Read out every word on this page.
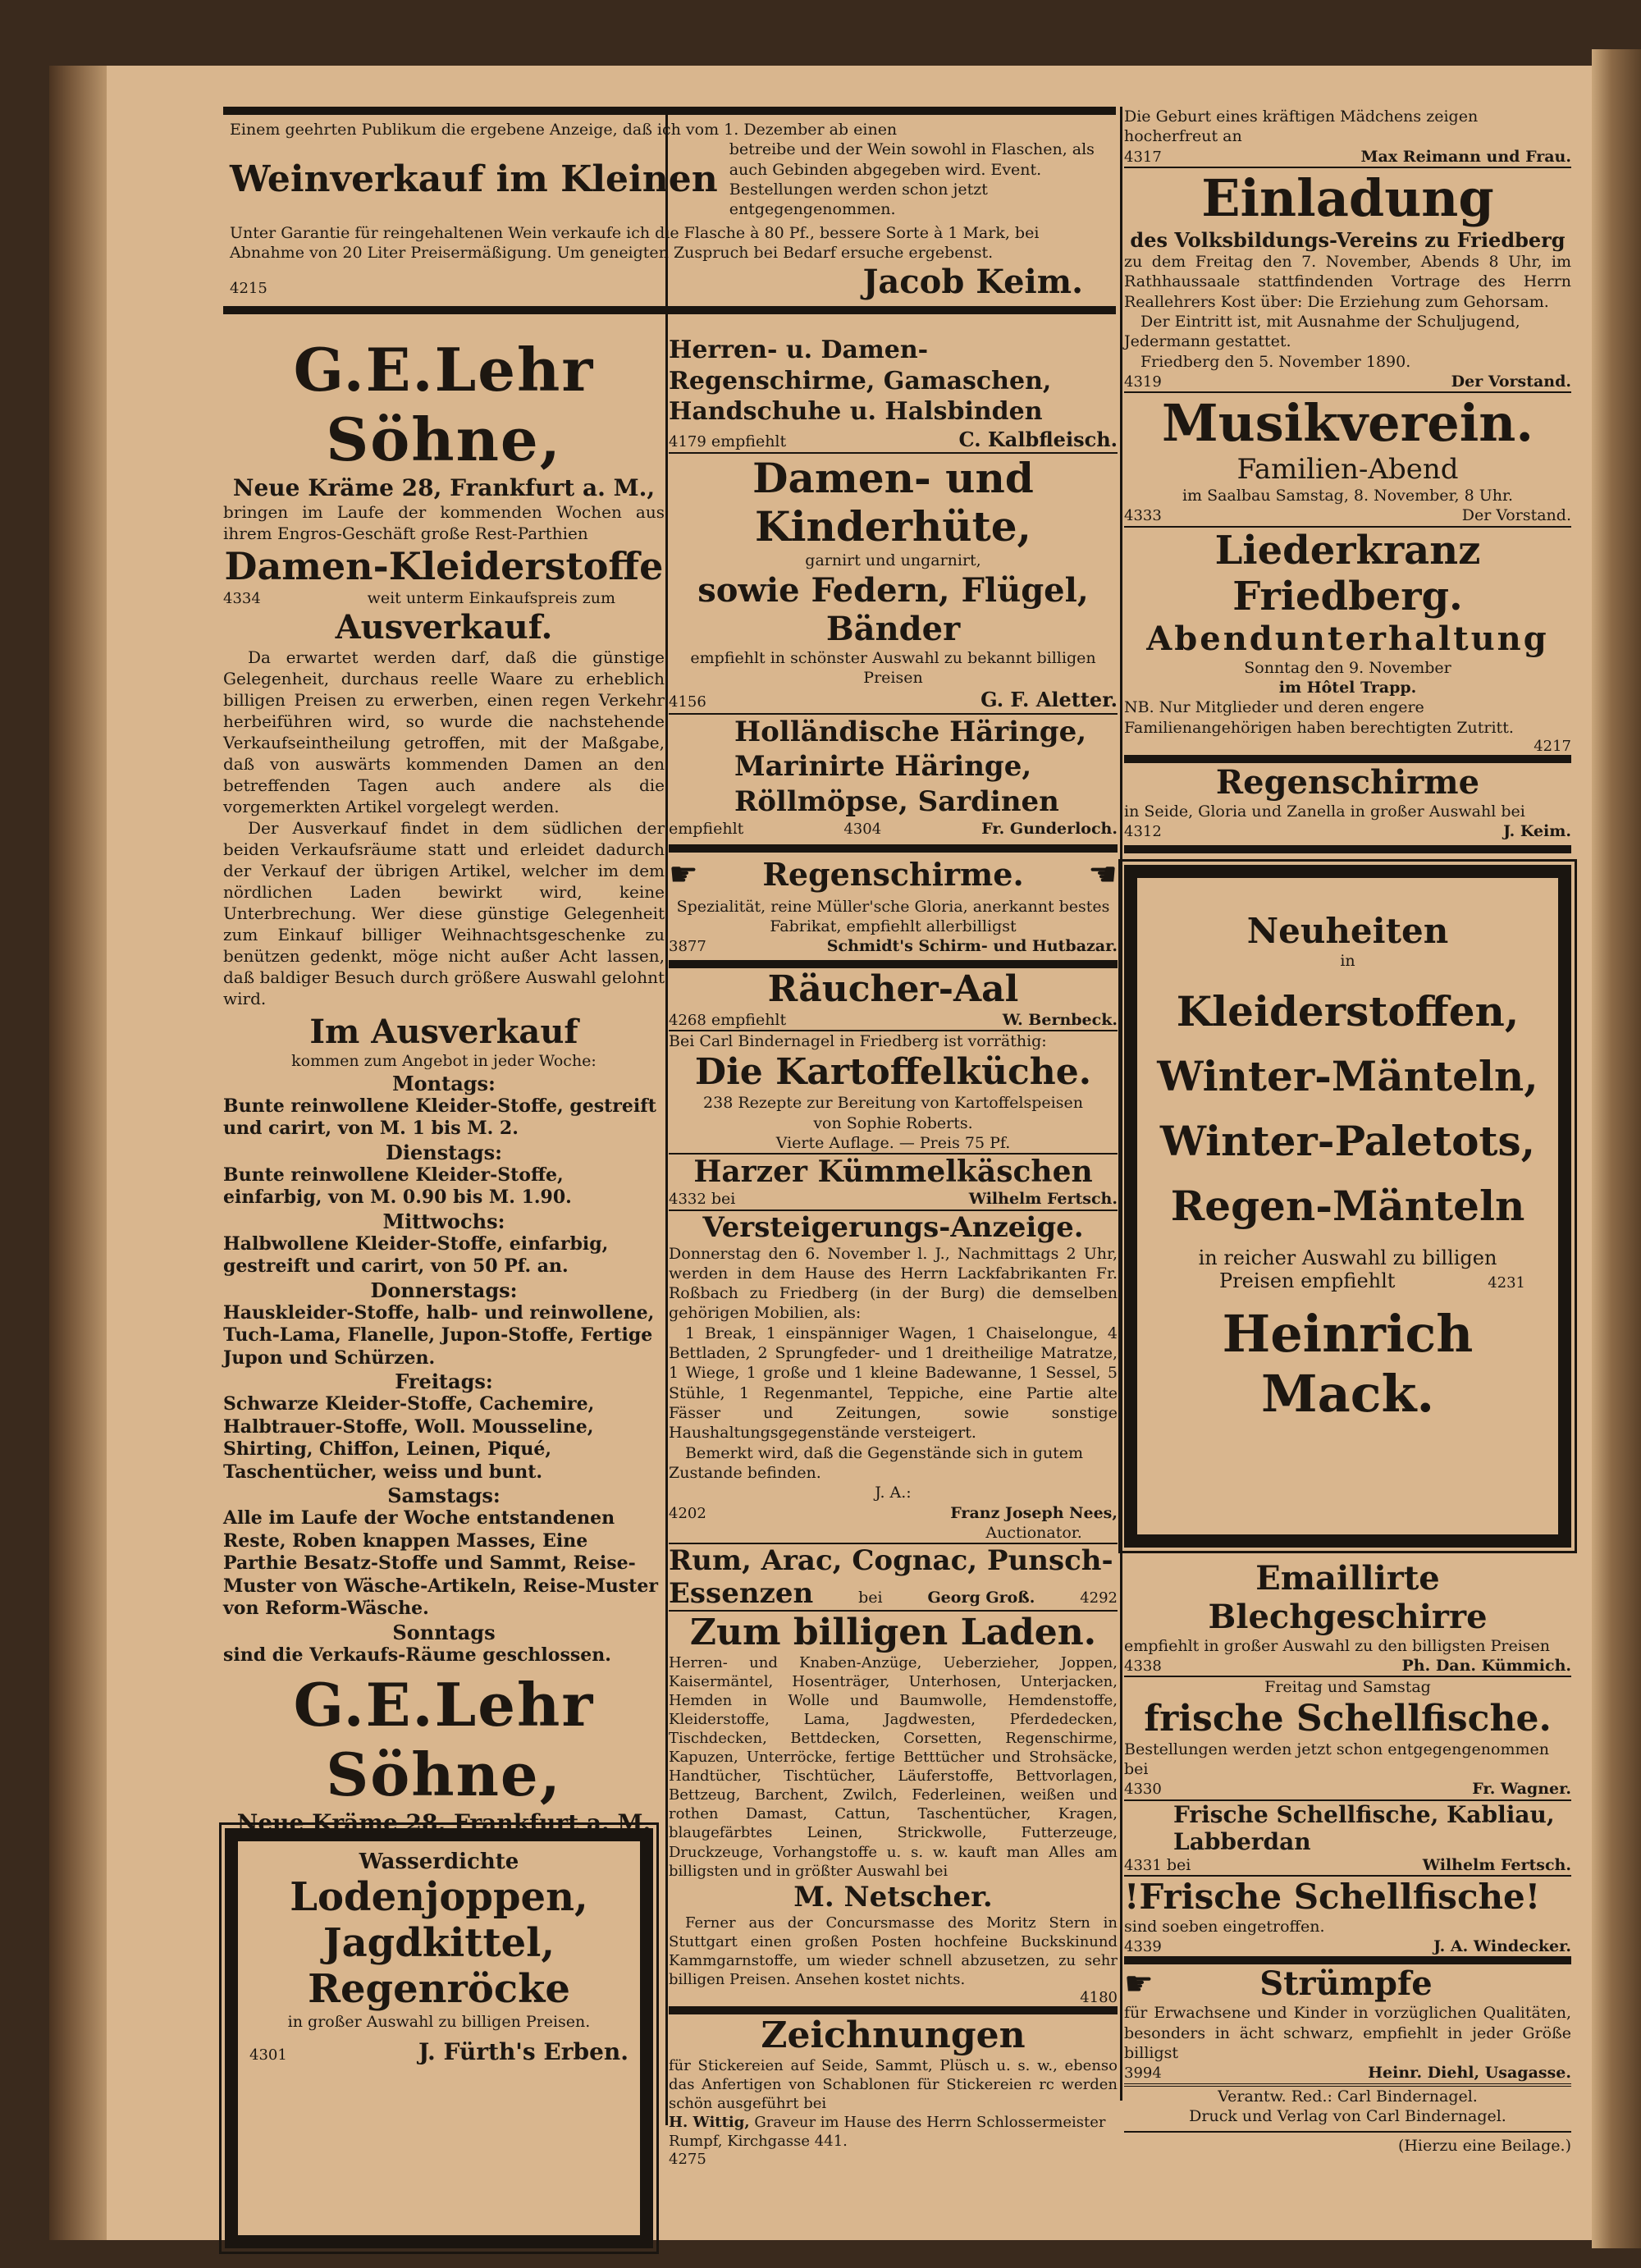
Einem geehrten Publikum die ergebene Anzeige, daß ich vom 1. Dezember ab einen
Weinverkauf im Kleinen
betreibe und der Wein sowohl in Flaschen, als auch Gebinden abgegeben wird. Event. Bestellungen werden schon jetzt entgegengenommen.
Unter Garantie für reingehaltenen Wein verkaufe ich die Flasche à 80 Pf., bessere Sorte à 1 Mark, bei Abnahme von 20 Liter Preisermäßigung. Um geneigten Zuspruch bei Bedarf ersuche ergebenst.
4215	Jacob Keim.
G.E.Lehr Söhne,
Neue Kräme 28, Frankfurt a. M.,
bringen im Laufe der kommenden Wochen aus ihrem Engros-Geschäft große Rest-Parthien
Damen-Kleiderstoffe
4334	weit unterm Einkaufspreis zum
Ausverkauf.
Da erwartet werden darf, daß die günstige Gelegenheit, durchaus reelle Waare zu erheblich billigen Preisen zu erwerben, einen regen Verkehr herbeiführen wird, so wurde die nachstehende Verkaufseintheilung getroffen, mit der Maßgabe, daß von auswärts kommenden Damen an den betreffenden Tagen auch andere als die vorgemerkten Artikel vorgelegt werden.
Der Ausverkauf findet in dem südlichen der beiden Verkaufsräume statt und erleidet dadurch der Verkauf der übrigen Artikel, welcher im dem nördlichen Laden bewirkt wird, keine Unterbrechung. Wer diese günstige Gelegenheit zum Einkauf billiger Weihnachtsgeschenke zu benützen gedenkt, möge nicht außer Acht lassen, daß baldiger Besuch durch größere Auswahl gelohnt wird.
Im Ausverkauf
kommen zum Angebot in jeder Woche:
Montags:
Bunte reinwollene Kleider-Stoffe, gestreift und carirt, von M. 1 bis M. 2.
Dienstags:
Bunte reinwollene Kleider-Stoffe, einfarbig, von M. 0.90 bis M. 1.90.
Mittwochs:
Halbwollene Kleider-Stoffe, einfarbig, gestreift und carirt, von 50 Pf. an.
Donnerstags:
Hauskleider-Stoffe, halb- und reinwollene, Tuch-Lama, Flanelle, Jupon-Stoffe, Fertige Jupon und Schürzen.
Freitags:
Schwarze Kleider-Stoffe, Cachemire, Halbtrauer-Stoffe, Woll. Mousseline, Shirting, Chiffon, Leinen, Piqué, Taschentücher, weiss und bunt.
Samstags:
Alle im Laufe der Woche entstandenen Reste, Roben knappen Masses, Eine Parthie Besatz-Stoffe und Sammt, Reise-Muster von Wäsche-Artikeln, Reise-Muster von Reform-Wäsche.
Sonntags
sind die Verkaufs-Räume geschlossen.
G.E.Lehr Söhne,
Neue Kräme 28, Frankfurt a. M.
Wasserdichte
Lodenjoppen,
Jagdkittel,
Regenröcke
in großer Auswahl zu billigen Preisen.
4301	J. Fürth's Erben.
Herren- u. Damen-Regenschirme, Gamaschen, Handschuhe u. Halsbinden
4179 empfiehlt	C. Kalbfleisch.
Damen- und Kinderhüte,
garnirt und ungarnirt,
sowie Federn, Flügel, Bänder
empfiehlt in schönster Auswahl zu bekannt billigen Preisen
4156	G. F. Aletter.
Holländische Häringe,
Marinirte Häringe,
Röllmöpse, Sardinen
empfiehlt	4304	Fr. Gunderloch.
☛ Regenschirme. ☚
Spezialität, reine Müller'sche Gloria, anerkannt bestes Fabrikat, empfiehlt allerbilligst
3877	Schmidt's Schirm- und Hutbazar.
Räucher-Aal
4268 empfiehlt	W. Bernbeck.
Bei Carl Bindernagel in Friedberg ist vorräthig:
Die Kartoffelküche.
238 Rezepte zur Bereitung von Kartoffelspeisen
von Sophie Roberts.
Vierte Auflage. — Preis 75 Pf.
Harzer Kümmelkäschen
4332 bei	Wilhelm Fertsch.
Versteigerungs-Anzeige.
Donnerstag den 6. November l. J., Nachmittags 2 Uhr, werden in dem Hause des Herrn Lackfabrikanten Fr. Roßbach zu Friedberg (in der Burg) die demselben gehörigen Mobilien, als:
1 Break, 1 einspänniger Wagen, 1 Chaiselongue, 4 Bettladen, 2 Sprungfeder- und 1 dreitheilige Matratze, 1 Wiege, 1 große und 1 kleine Badewanne, 1 Sessel, 5 Stühle, 1 Regenmantel, Teppiche, eine Partie alte Fässer und Zeitungen, sowie sonstige Haushaltungsgegenstände versteigert.
Bemerkt wird, daß die Gegenstände sich in gutem Zustande befinden.
J. A.:
4202	Franz Joseph Nees,
Auctionator.
Rum, Arac, Cognac, Punsch-
Essenzen	bei	Georg Groß.	4292
Zum billigen Laden.
Herren- und Knaben-Anzüge, Ueberzieher, Joppen, Kaisermäntel, Hosenträger, Unterhosen, Unterjacken, Hemden in Wolle und Baumwolle, Hemdenstoffe, Kleiderstoffe, Lama, Jagdwesten, Pferdedecken, Tischdecken, Bettdecken, Corsetten, Regenschirme, Kapuzen, Unterröcke, fertige Betttücher und Strohsäcke, Handtücher, Tischtücher, Läuferstoffe, Bettvorlagen, Bettzeug, Barchent, Zwilch, Federleinen, weißen und rothen Damast, Cattun, Taschentücher, Kragen, blaugefärbtes Leinen, Strickwolle, Futterzeuge, Druckzeuge, Vorhangstoffe u. s. w. kauft man Alles am billigsten und in größter Auswahl bei
M. Netscher.
Ferner aus der Concursmasse des Moritz Stern in Stuttgart einen großen Posten hochfeine Buckskinund Kammgarnstoffe, um wieder schnell abzusetzen, zu sehr billigen Preisen. Ansehen kostet nichts.
4180
Zeichnungen
für Stickereien auf Seide, Sammt, Plüsch u. s. w., ebenso das Anfertigen von Schablonen für Stickereien rc werden schön ausgeführt bei
H. Wittig, Graveur im Hause des Herrn Schlossermeister Rumpf, Kirchgasse 441.
4275
Die Geburt eines kräftigen Mädchens zeigen hocherfreut an
4317	Max Reimann und Frau.
Einladung
des Volksbildungs-Vereins zu Friedberg
zu dem Freitag den 7. November, Abends 8 Uhr, im Rathhaussaale stattfindenden Vortrage des Herrn Reallehrers Kost über: Die Erziehung zum Gehorsam.
Der Eintritt ist, mit Ausnahme der Schuljugend, Jedermann gestattet.
Friedberg den 5. November 1890.
4319	Der Vorstand.
Musikverein.
Familien-Abend
im Saalbau Samstag, 8. November, 8 Uhr.
4333	Der Vorstand.
Liederkranz Friedberg.
Abendunterhaltung
Sonntag den 9. November
im Hôtel Trapp.
NB. Nur Mitglieder und deren engere Familienangehörigen haben berechtigten Zutritt.
4217
Regenschirme
in Seide, Gloria und Zanella in großer Auswahl bei
4312	J. Keim.
Neuheiten
in
Kleiderstoffen,
Winter-Mänteln,
Winter-Paletots,
Regen-Mänteln
in reicher Auswahl zu billigen
Preisen empfiehlt	4231
Heinrich Mack.
Emaillirte Blechgeschirre
empfiehlt in großer Auswahl zu den billigsten Preisen
4338	Ph. Dan. Kümmich.
Freitag und Samstag
frische Schellfische.
Bestellungen werden jetzt schon entgegengenommen bei
4330	Fr. Wagner.
Frische Schellfische, Kabliau, Labberdan
4331 bei	Wilhelm Fertsch.
!Frische Schellfische!
sind soeben eingetroffen.
4339	J. A. Windecker.
☛	Strümpfe
für Erwachsene und Kinder in vorzüglichen Qualitäten, besonders in ächt schwarz, empfiehlt in jeder Größe billigst
3994	Heinr. Diehl, Usagasse.
Verantw. Red.: Carl Bindernagel.
Druck und Verlag von Carl Bindernagel.
(Hierzu eine Beilage.)
